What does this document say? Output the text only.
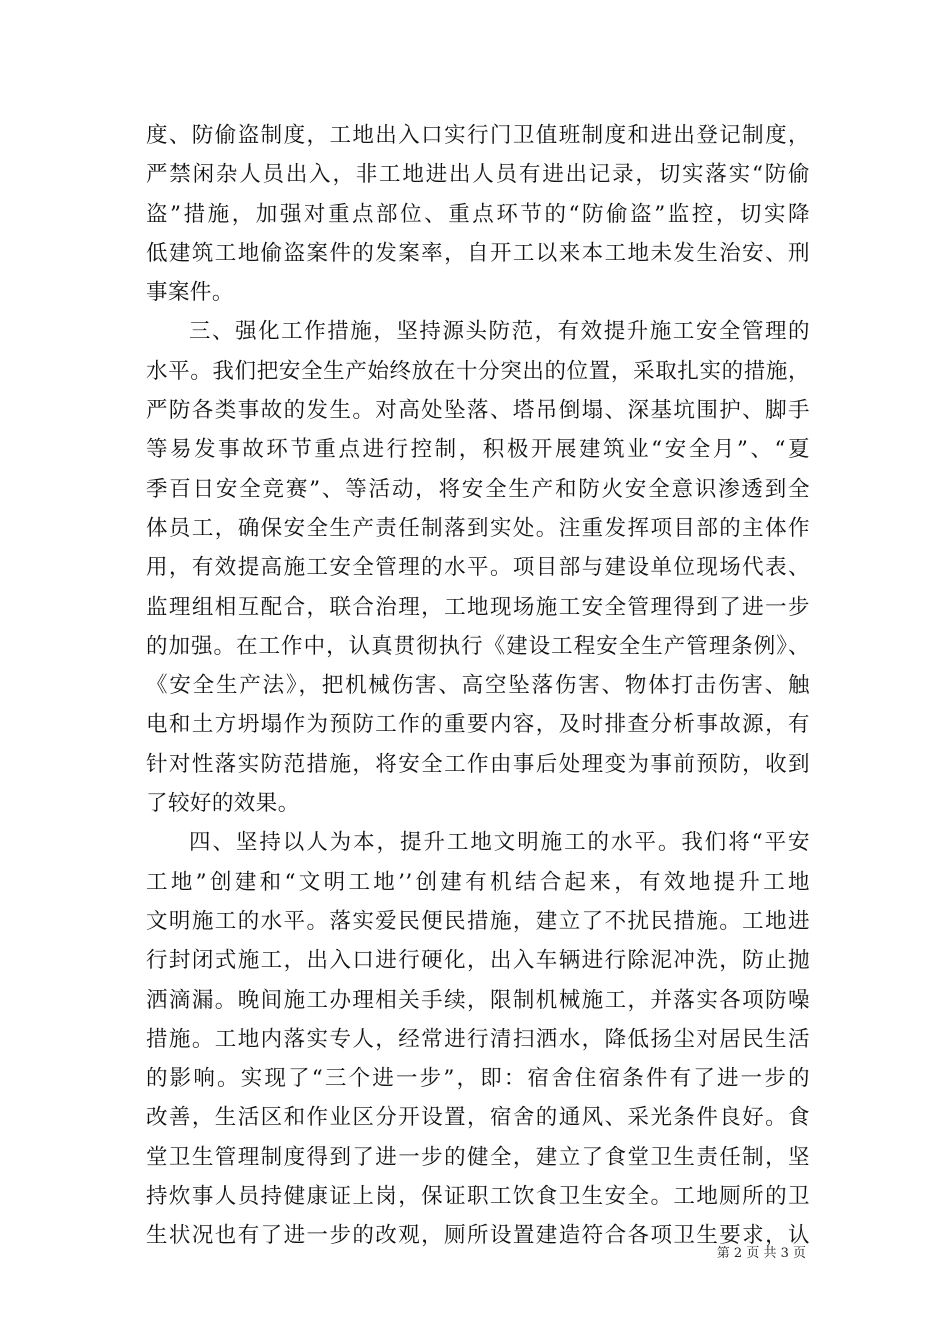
度、防偷盗制度，工地出入口实行门卫值班制度和进出登记制度，
严禁闲杂人员出入，非工地进出人员有进出记录，切实落实“防偷
盗”措施，加强对重点部位、重点环节的“防偷盗”监控，切实降
低建筑工地偷盗案件的发案率，自开工以来本工地未发生治安、刑
事案件。
三、强化工作措施，坚持源头防范，有效提升施工安全管理的
水平。我们把安全生产始终放在十分突出的位置，采取扎实的措施，
严防各类事故的发生。对高处坠落、塔吊倒塌、深基坑围护、脚手
等易发事故环节重点进行控制，积极开展建筑业“安全月”、“夏
季百日安全竞赛”、等活动，将安全生产和防火安全意识渗透到全
体员工，确保安全生产责任制落到实处。注重发挥项目部的主体作
用，有效提高施工安全管理的水平。项目部与建设单位现场代表、
监理组相互配合，联合治理，工地现场施工安全管理得到了进一步
的加强。在工作中，认真贯彻执行《建设工程安全生产管理条例》、
《安全生产法》，把机械伤害、高空坠落伤害、物体打击伤害、触
电和土方坍塌作为预防工作的重要内容，及时排查分析事故源，有
针对性落实防范措施，将安全工作由事后处理变为事前预防，收到
了较好的效果。
四、坚持以人为本，提升工地文明施工的水平。我们将“平安
工地”创建和“文明工地’’创建有机结合起来，有效地提升工地
文明施工的水平。落实爱民便民措施，建立了不扰民措施。工地进
行封闭式施工，出入口进行硬化，出入车辆进行除泥冲洗，防止抛
洒滴漏。晚间施工办理相关手续，限制机械施工，并落实各项防噪
措施。工地内落实专人，经常进行清扫洒水，降低扬尘对居民生活
的影响。实现了“三个进一步”，即：宿舍住宿条件有了进一步的
改善，生活区和作业区分开设置，宿舍的通风、采光条件良好。食
堂卫生管理制度得到了进一步的健全，建立了食堂卫生责任制，坚
持炊事人员持健康证上岗，保证职工饮食卫生安全。工地厕所的卫
生状况也有了进一步的改观，厕所设置建造符合各项卫生要求，认
第 2 页 共 3 页
